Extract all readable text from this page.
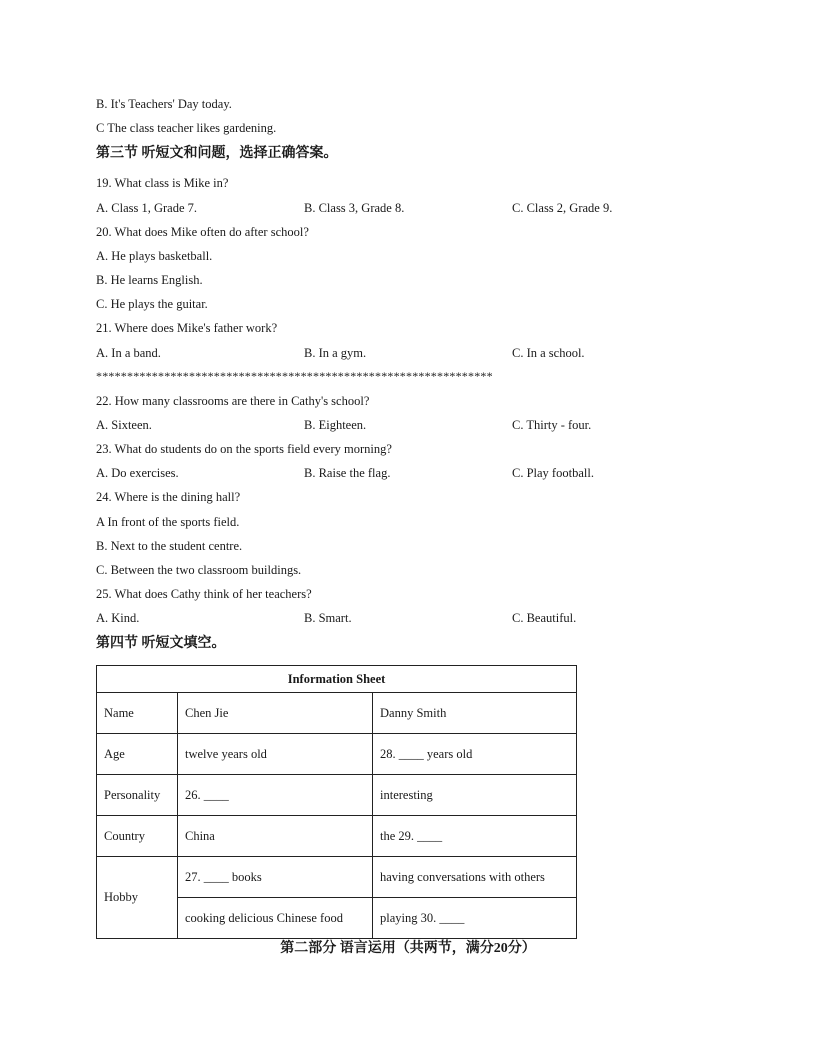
B. It's Teachers' Day today.
C The class teacher likes gardening.
第三节 听短文和问题，选择正确答案。
19. What class is Mike in?
A. Class 1, Grade 7.	B. Class 3, Grade 8.	C. Class 2, Grade 9.
20. What does Mike often do after school?
A. He plays basketball.
B. He learns English.
C. He plays the guitar.
21. Where does Mike's father work?
A. In a band.	B. In a gym.	C. In a school.
****************************************************************
22. How many classrooms are there in Cathy's school?
A. Sixteen.	B. Eighteen.	C. Thirty - four.
23. What do students do on the sports field every morning?
A. Do exercises.	B. Raise the flag.	C. Play football.
24. Where is the dining hall?
A In front of the sports field.
B. Next to the student centre.
C. Between the two classroom buildings.
25. What does Cathy think of her teachers?
A. Kind.	B. Smart.	C. Beautiful.
第四节 听短文填空。
Information Sheet		
Name	Chen Jie	Danny Smith
Age	twelve years old	28. ____ years old
Personality	26. ____	interesting
Country	China	the 29. ____
Hobby	27. ____ books	having conversations with others
	cooking delicious Chinese food	playing 30. ____
第二部分 语言运用（共两节，满分20分）
